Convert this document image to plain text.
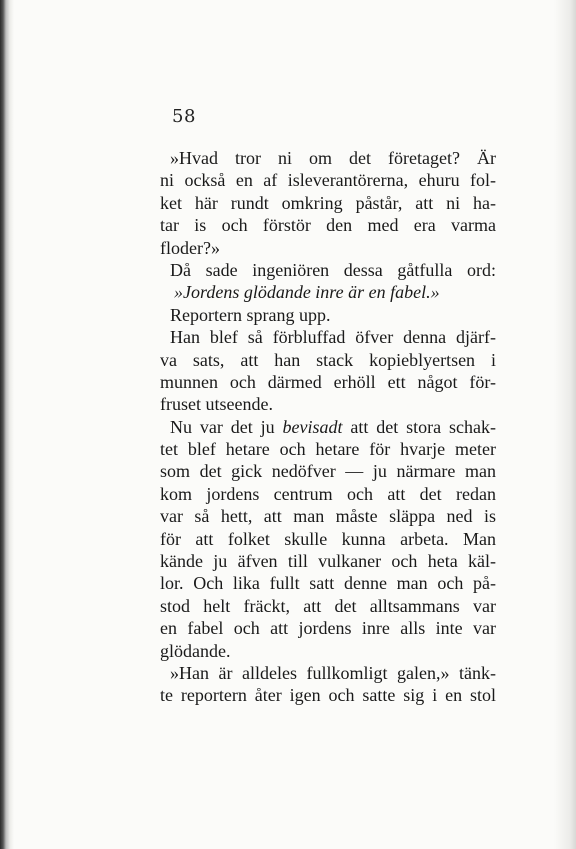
58
»Hvad tror ni om det företaget? Är
ni också en af isleverantörerna, ehuru fol-
ket här rundt omkring påstår, att ni ha-
tar is och förstör den med era varma
floder?»
Då sade ingeniören dessa gåtfulla ord:
»Jordens glödande inre är en fabel.»
Reportern sprang upp.
Han blef så förbluffad öfver denna djärf-
va sats, att han stack kopieblyertsen i
munnen och därmed erhöll ett något för-
fruset utseende.
Nu var det ju bevisadt att det stora schak-
tet blef hetare och hetare för hvarje meter
som det gick nedöfver — ju närmare man
kom jordens centrum och att det redan
var så hett, att man måste släppa ned is
för att folket skulle kunna arbeta. Man
kände ju äfven till vulkaner och heta käl-
lor. Och lika fullt satt denne man och på-
stod helt fräckt, att det alltsammans var
en fabel och att jordens inre alls inte var
glödande.
»Han är alldeles fullkomligt galen,» tänk-
te reportern åter igen och satte sig i en stol
